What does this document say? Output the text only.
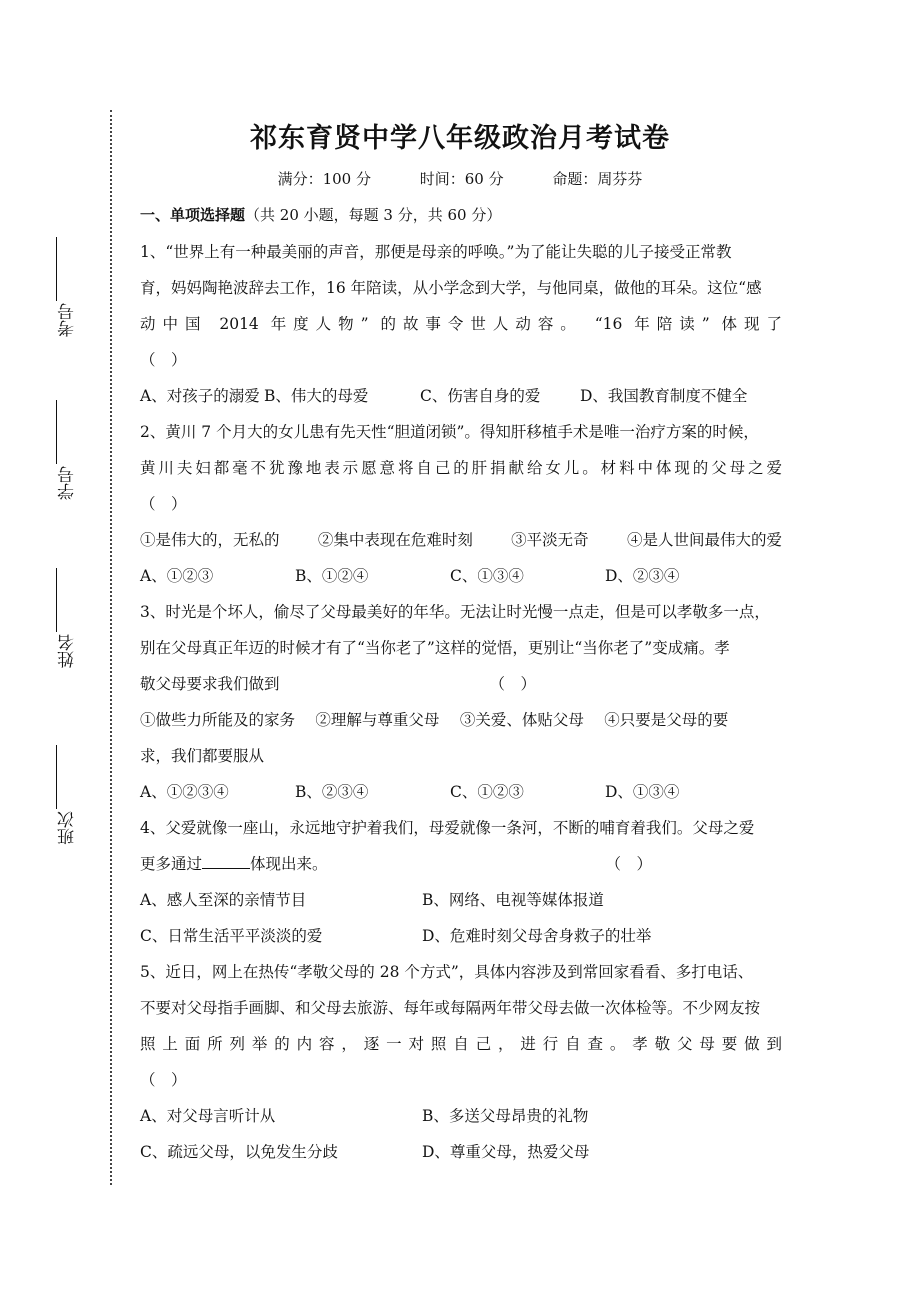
考号
学号
姓名
班次
祁东育贤中学八年级政治月考试卷
满分：100 分	时间：60 分	命题：周芬芬
一、单项选择题（共 20 小题，每题 3 分，共 60 分）

1、“世界上有一种最美丽的声音，那便是母亲的呼唤。”为了能让失聪的儿子接受正常教

育，妈妈陶艳波辞去工作，16 年陪读，从小学念到大学，与他同桌，做他的耳朵。这位“感

动中国 2014 年度人物” 的故事令世人动容。 “16 年陪读” 体现了

（　）

A、对孩子的溺爱 B、伟大的母爱	C、伤害自身的爱	D、我国教育制度不健全

2、黄川 7 个月大的女儿患有先天性“胆道闭锁”。得知肝移植手术是唯一治疗方案的时候，

黄川夫妇都毫不犹豫地表示愿意将自己的肝捐献给女儿。材料中体现的父母之爱

（　）

①是伟大的，无私的 ②集中表现在危难时刻 ③平淡无奇 ④是人世间最伟大的爱
A、①②③	B、①②④	C、①③④	D、②③④

3、时光是个坏人，偷尽了父母最美好的年华。无法让时光慢一点走，但是可以孝敬多一点，

别在父母真正年迈的时候才有了“当你老了”这样的觉悟，更别让“当你老了”变成痛。孝

敬父母要求我们做到	（　）

①做些力所能及的家务　 ②理解与尊重父母　 ③关爱、体贴父母　 ④只要是父母的要

求，我们都要服从

A、①②③④	B、②③④	C、①②③	D、①③④

4、父爱就像一座山，永远地守护着我们，母爱就像一条河，不断的哺育着我们。父母之爱

更多通过	体现出来。	（　）

A、感人至深的亲情节目	B、网络、电视等媒体报道
C、日常生活平平淡淡的爱	D、危难时刻父母舍身救子的壮举

5、近日，网上在热传“孝敬父母的 28 个方式”，具体内容涉及到常回家看看、多打电话、

不要对父母指手画脚、和父母去旅游、每年或每隔两年带父母去做一次体检等。不少网友按

照上面所列举的内容，逐一对照自己，进行自查。孝敬父母要做到

（　）

A、对父母言听计从	B、多送父母昂贵的礼物
C、疏远父母，以免发生分歧	D、尊重父母，热爱父母
